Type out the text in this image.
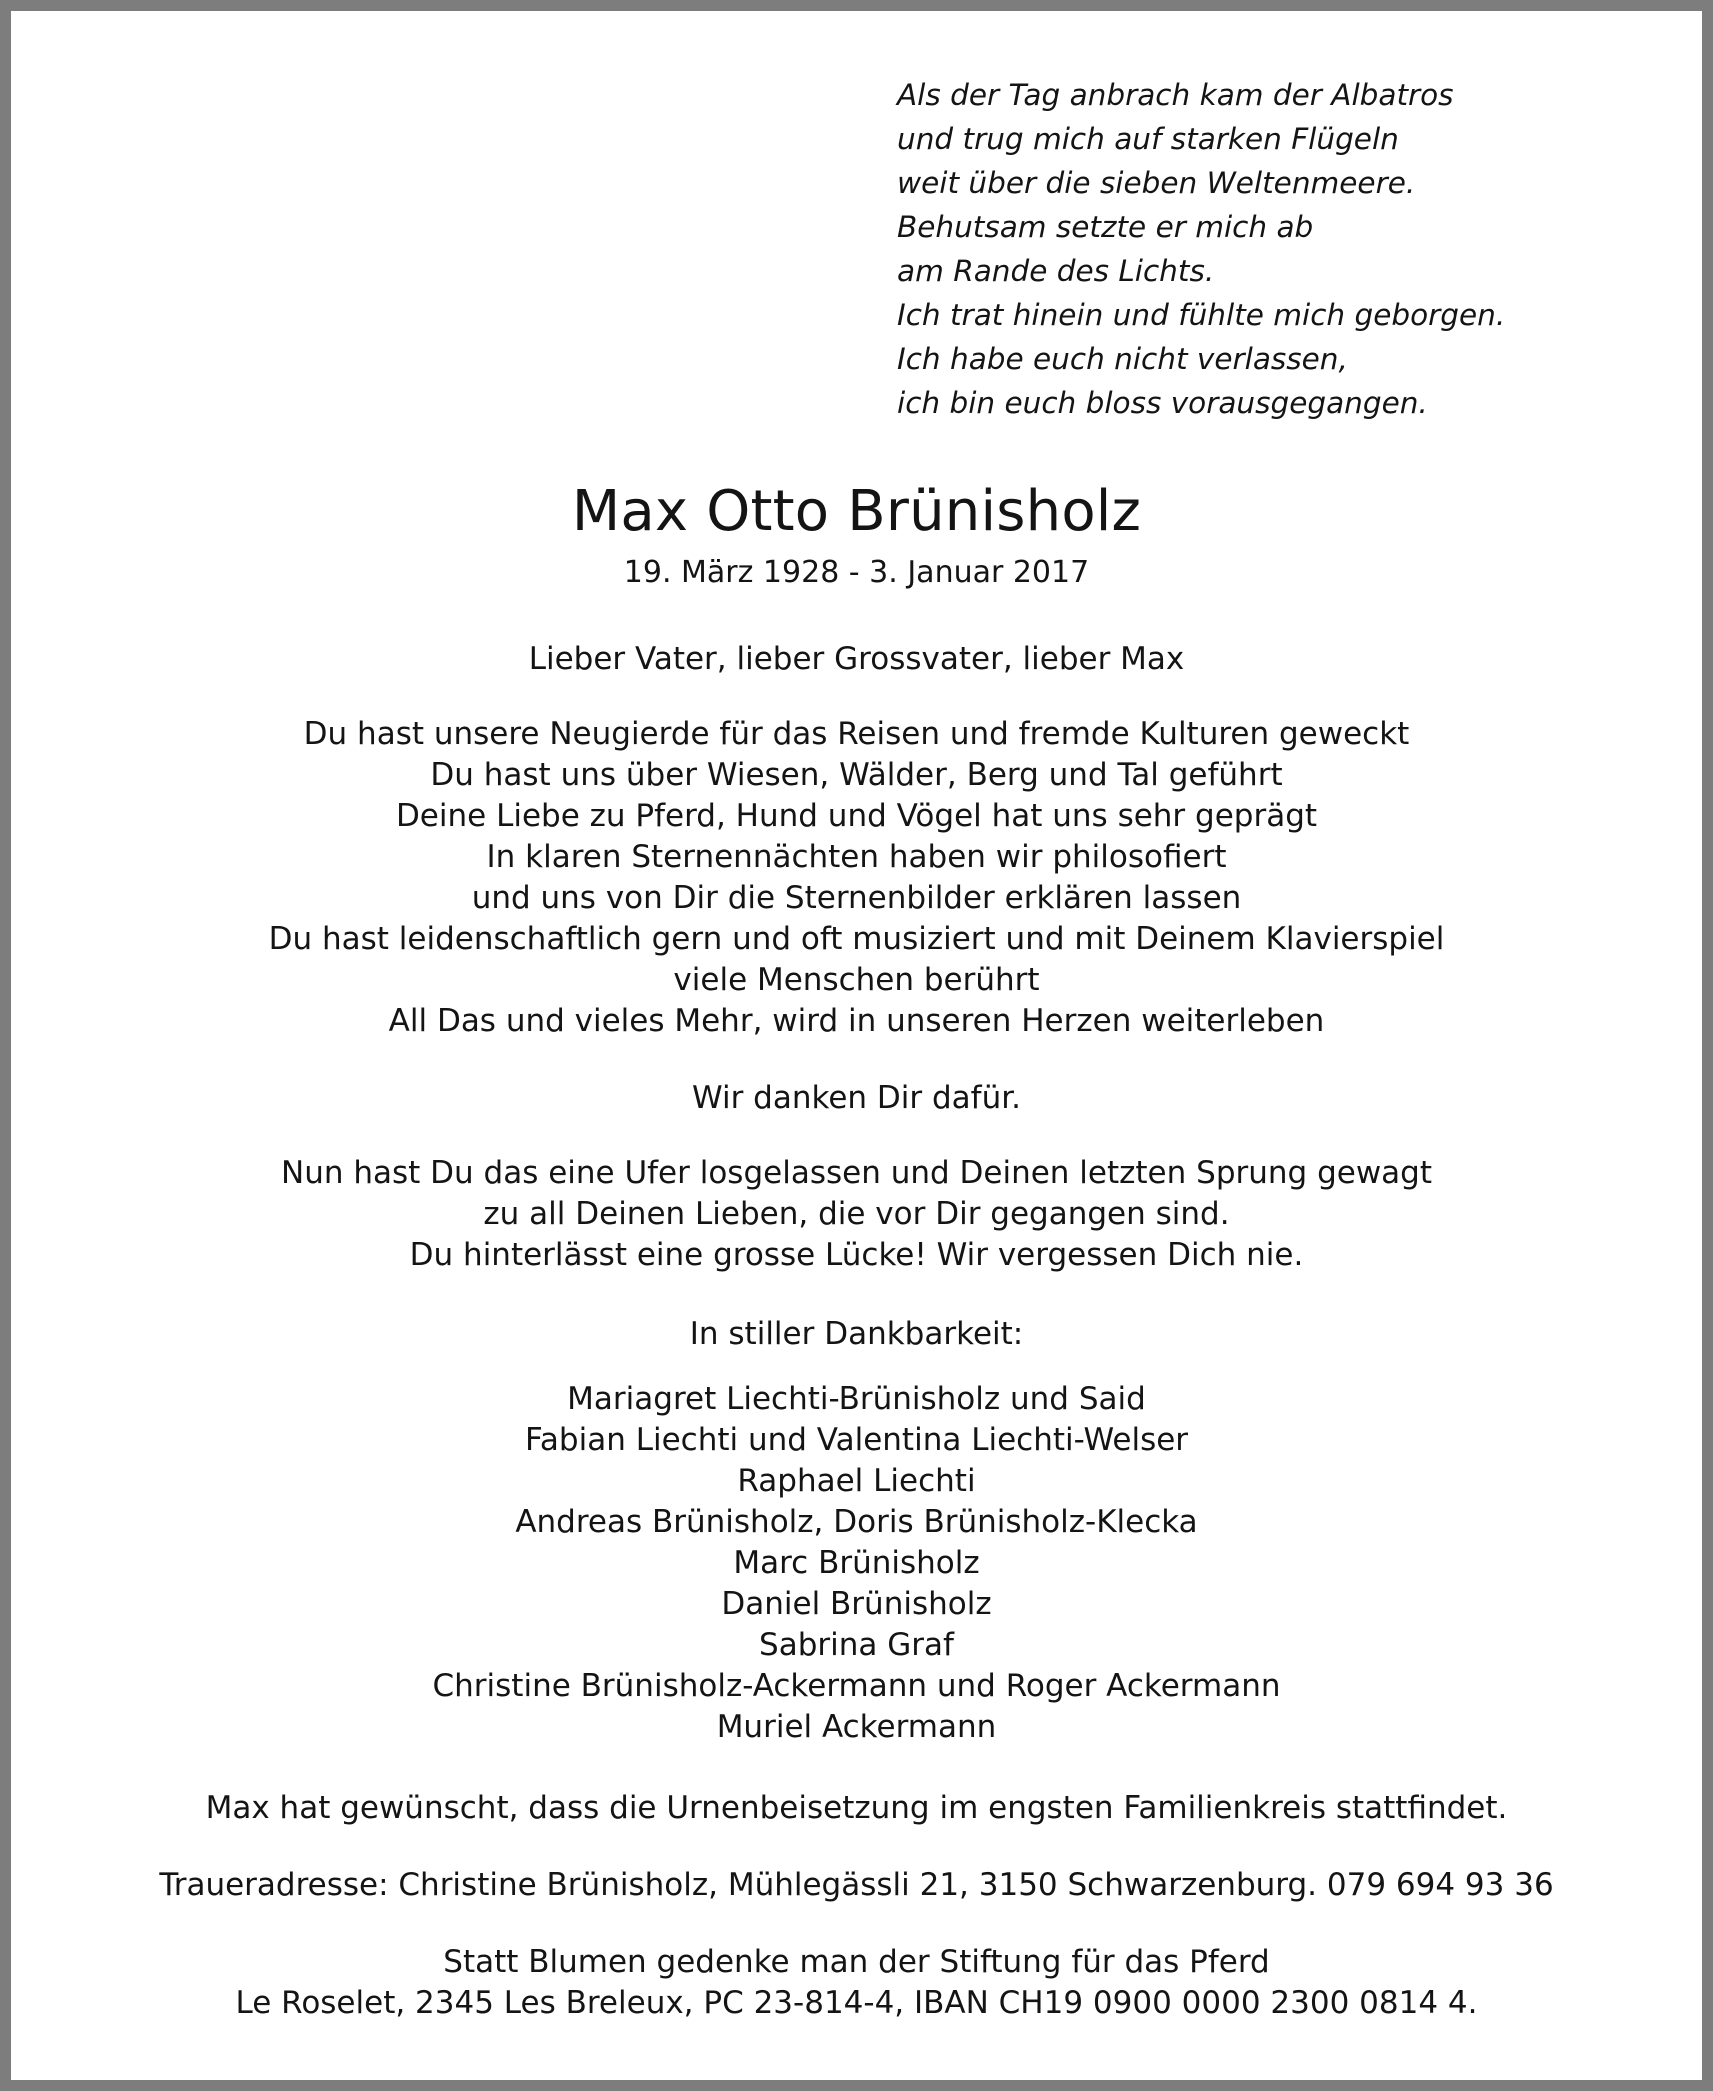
Als der Tag anbrach kam der Albatros
und trug mich auf starken Flügeln
weit über die sieben Weltenmeere.
Behutsam setzte er mich ab
am Rande des Lichts.
Ich trat hinein und fühlte mich geborgen.
Ich habe euch nicht verlassen,
ich bin euch bloss vorausgegangen.
Max Otto Brünisholz
19. März 1928 - 3. Januar 2017
Lieber Vater, lieber Grossvater, lieber Max
Du hast unsere Neugierde für das Reisen und fremde Kulturen geweckt
Du hast uns über Wiesen, Wälder, Berg und Tal geführt
Deine Liebe zu Pferd, Hund und Vögel hat uns sehr geprägt
In klaren Sternennächten haben wir philosofiert
und uns von Dir die Sternenbilder erklären lassen
Du hast leidenschaftlich gern und oft musiziert und mit Deinem Klavierspiel
viele Menschen berührt
All Das und vieles Mehr, wird in unseren Herzen weiterleben
Wir danken Dir dafür.
Nun hast Du das eine Ufer losgelassen und Deinen letzten Sprung gewagt
zu all Deinen Lieben, die vor Dir gegangen sind.
Du hinterlässt eine grosse Lücke! Wir vergessen Dich nie.
In stiller Dankbarkeit:
Mariagret Liechti-Brünisholz und Said
Fabian Liechti und Valentina Liechti-Welser
Raphael Liechti
Andreas Brünisholz, Doris Brünisholz-Klecka
Marc Brünisholz
Daniel Brünisholz
Sabrina Graf
Christine Brünisholz-Ackermann und Roger Ackermann
Muriel Ackermann
Max hat gewünscht, dass die Urnenbeisetzung im engsten Familienkreis stattfindet.
Traueradresse: Christine Brünisholz, Mühlegässli 21, 3150 Schwarzenburg. 079 694 93 36
Statt Blumen gedenke man der Stiftung für das Pferd
Le Roselet, 2345 Les Breleux, PC 23-814-4, IBAN CH19 0900 0000 2300 0814 4.
